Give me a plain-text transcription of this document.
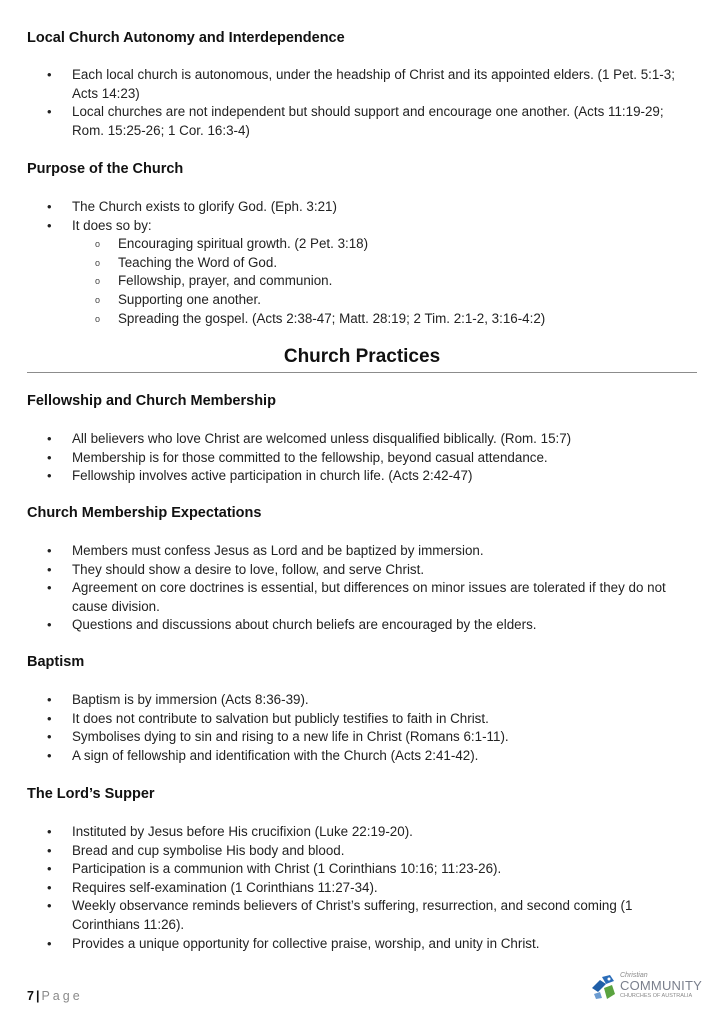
Local Church Autonomy and Interdependence
• Each local church is autonomous, under the headship of Christ and its appointed elders. (1 Pet. 5:1-3; Acts 14:23)
• Local churches are not independent but should support and encourage one another. (Acts 11:19-29; Rom. 15:25-26; 1 Cor. 16:3-4)
Purpose of the Church
• The Church exists to glorify God. (Eph. 3:21)
• It does so by:
o Encouraging spiritual growth. (2 Pet. 3:18)
o Teaching the Word of God.
o Fellowship, prayer, and communion.
o Supporting one another.
o Spreading the gospel. (Acts 2:38-47; Matt. 28:19; 2 Tim. 2:1-2, 3:16-4:2)
Church Practices
Fellowship and Church Membership
• All believers who love Christ are welcomed unless disqualified biblically. (Rom. 15:7)
• Membership is for those committed to the fellowship, beyond casual attendance.
• Fellowship involves active participation in church life. (Acts 2:42-47)
Church Membership Expectations
• Members must confess Jesus as Lord and be baptized by immersion.
• They should show a desire to love, follow, and serve Christ.
• Agreement on core doctrines is essential, but differences on minor issues are tolerated if they do not cause division.
• Questions and discussions about church beliefs are encouraged by the elders.
Baptism
• Baptism is by immersion (Acts 8:36-39).
• It does not contribute to salvation but publicly testifies to faith in Christ.
• Symbolises dying to sin and rising to a new life in Christ (Romans 6:1-11).
• A sign of fellowship and identification with the Church (Acts 2:41-42).
The Lord’s Supper
• Instituted by Jesus before His crucifixion (Luke 22:19-20).
• Bread and cup symbolise His body and blood.
• Participation is a communion with Christ (1 Corinthians 10:16; 11:23-26).
• Requires self-examination (1 Corinthians 11:27-34).
• Weekly observance reminds believers of Christ’s suffering, resurrection, and second coming (1 Corinthians 11:26).
• Provides a unique opportunity for collective praise, worship, and unity in Christ.
7 | Page
Christian
COMMUNITY
CHURCHES OF AUSTRALIA
